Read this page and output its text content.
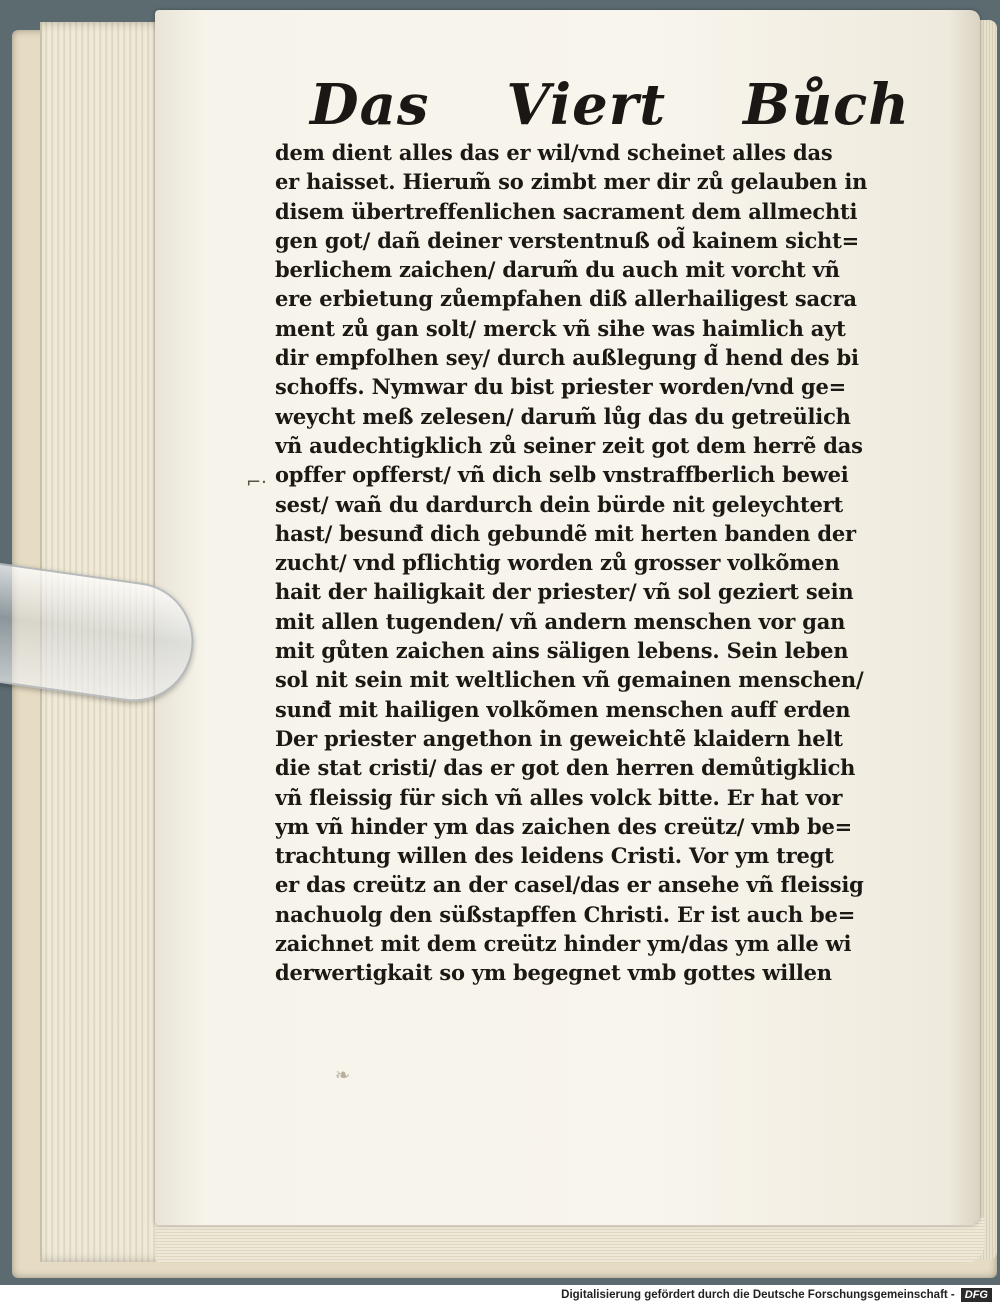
Das Viert Bůch
⌐·
dem dient alles das er wil/vnd scheinet alles das
er haisset. Hierum̃ so zimbt mer dir zů gelauben in
disem übertreffenlichen sacrament dem allmechti
gen got/ dañ deiner verstentnuß od̃ kainem sicht=
berlichem zaichen/ darum̃ du auch mit vorcht vñ
ere erbietung zůempfahen diß allerhailigest sacra
ment zů gan solt/ merck vñ sihe was haimlich ayt
dir empfolhen sey/ durch außlegung d̃ hend des bi
schoffs. Nymwar du bist priester worden/vnd ge=
weycht meß zelesen/ darum̃ lůg das du getreülich
vñ audechtigklich zů seiner zeit got dem herrẽ das
opffer opfferst/ vñ dich selb vnstraffberlich bewei
sest/ wañ du dardurch dein bürde nit geleychtert
hast/ besunđ dich gebundẽ mit herten banden der
zucht/ vnd pflichtig worden zů grosser volkõmen
hait der hailigkait der priester/ vñ sol geziert sein
mit allen tugenden/ vñ andern menschen vor gan
mit gůten zaichen ains säligen lebens. Sein leben
sol nit sein mit weltlichen vñ gemainen menschen/
sunđ mit hailigen volkõmen menschen auff erden
Der priester angethon in geweichtẽ klaidern helt
die stat cristi/ das er got den herren demůtigklich
vñ fleissig für sich vñ alles volck bitte. Er hat vor
ym vñ hinder ym das zaichen des creütz/ vmb be=
trachtung willen des leidens Cristi. Vor ym tregt
er das creütz an der casel/das er ansehe vñ fleissig
nachuolg den süßstapffen Christi. Er ist auch be=
zaichnet mit dem creütz hinder ym/das ym alle wi
derwertigkait so ym begegnet vmb gottes willen
❧
Digitalisierung gefördert durch die Deutsche Forschungsgemeinschaft - DFG
